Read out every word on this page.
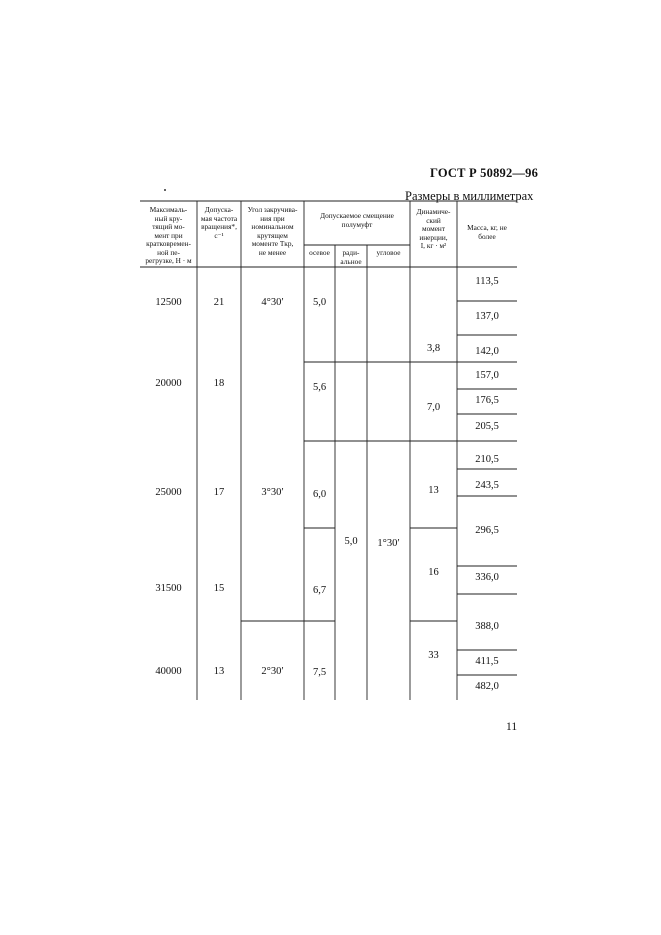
ГОСТ Р 50892—96
Размеры в миллиметрах
Максималь-
ный кру-
тящий мо-
мент при
кратковремен-
ной пе-
регрузке, Н · м
Допуска-
мая частота
вращения*,
с⁻¹
Угол закручива-
ния при
номинальном
крутящем
моменте Tкр,
не менее
Допускаемое смещение
полумуфт
осевое	ради-
альное
угловое
Динамиче-
ский
момент
инерции,
I, кг · м²
Масса, кг, не
более
12500
20000
25000
31500
40000
21
18
17
15
13
4°30′
3°30′
2°30′
5,0
5,6
6,0
6,7
7,5
5,0	1°30′
3,8
7,0
13
16
33
113,5
137,0
142,0
157,0
176,5
205,5
210,5
243,5
296,5
336,0
388,0
411,5
482,0
11
